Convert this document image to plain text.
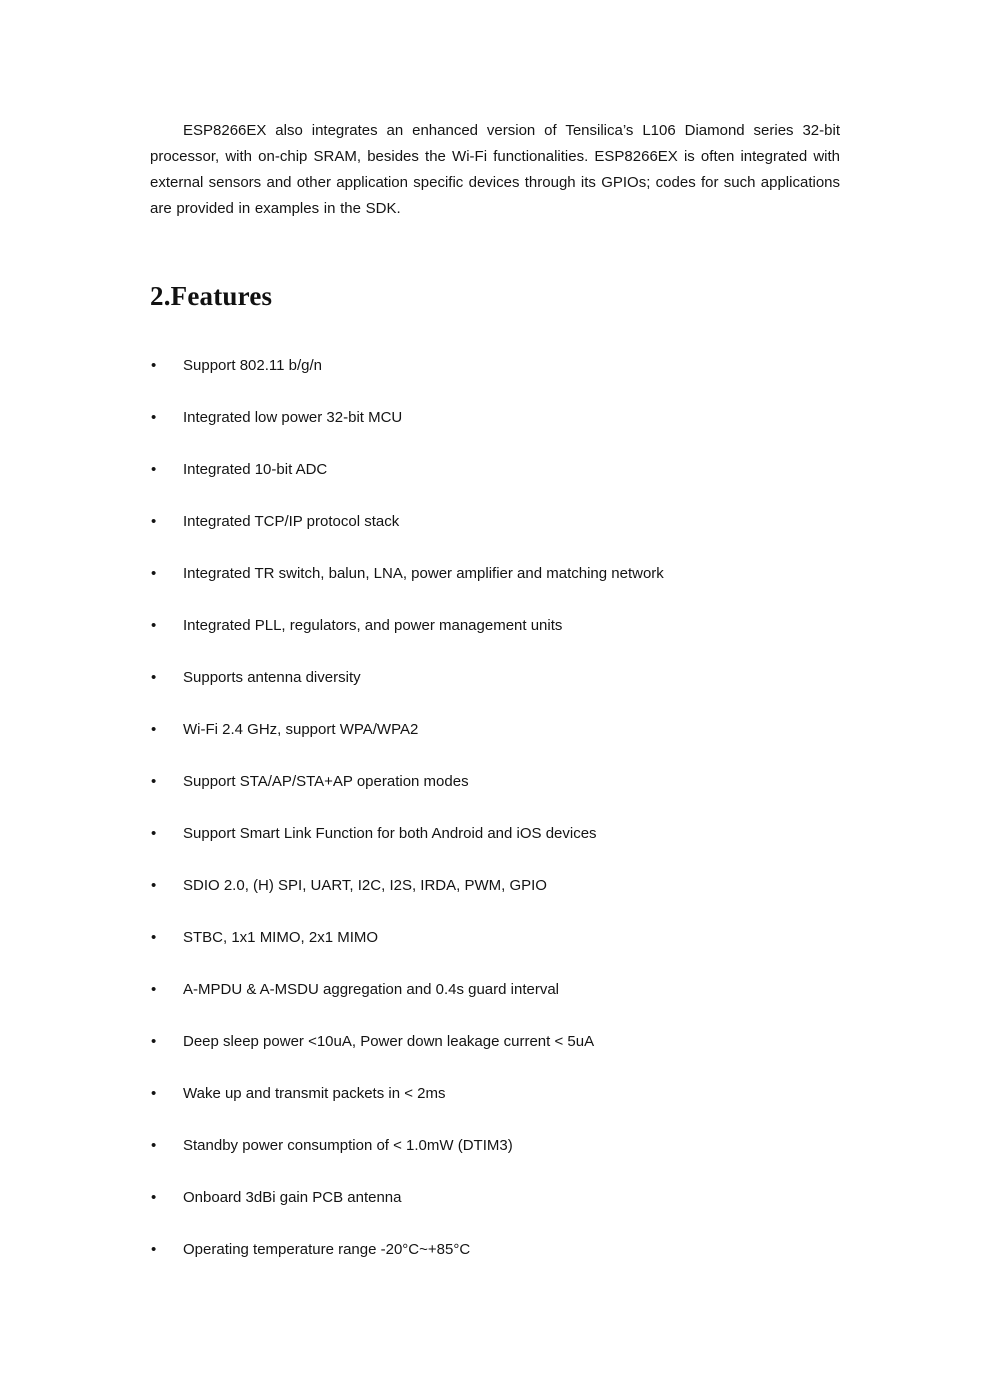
ESP8266EX also integrates an enhanced version of Tensilica’s L106 Diamond series 32-bit processor, with on-chip SRAM, besides the Wi-Fi functionalities. ESP8266EX is often integrated with external sensors and other application specific devices through its GPIOs; codes for such applications are provided in examples in the SDK.

2.Features
•	Support 802.11 b/g/n
•	Integrated low power 32-bit MCU
•	Integrated 10-bit ADC
•	Integrated TCP/IP protocol stack
•	Integrated TR switch, balun, LNA, power amplifier and matching network
•	Integrated PLL, regulators, and power management units
•	Supports antenna diversity
•	Wi-Fi 2.4 GHz, support WPA/WPA2
•	Support STA/AP/STA+AP operation modes
•	Support Smart Link Function for both Android and iOS devices
•	SDIO 2.0, (H) SPI, UART, I2C, I2S, IRDA, PWM, GPIO
•	STBC, 1x1 MIMO, 2x1 MIMO
•	A-MPDU & A-MSDU aggregation and 0.4s guard interval
•	Deep sleep power <10uA, Power down leakage current < 5uA
•	Wake up and transmit packets in < 2ms
•	Standby power consumption of < 1.0mW (DTIM3)
•	Onboard 3dBi gain PCB antenna
•	Operating temperature range -20°C~+85°C
